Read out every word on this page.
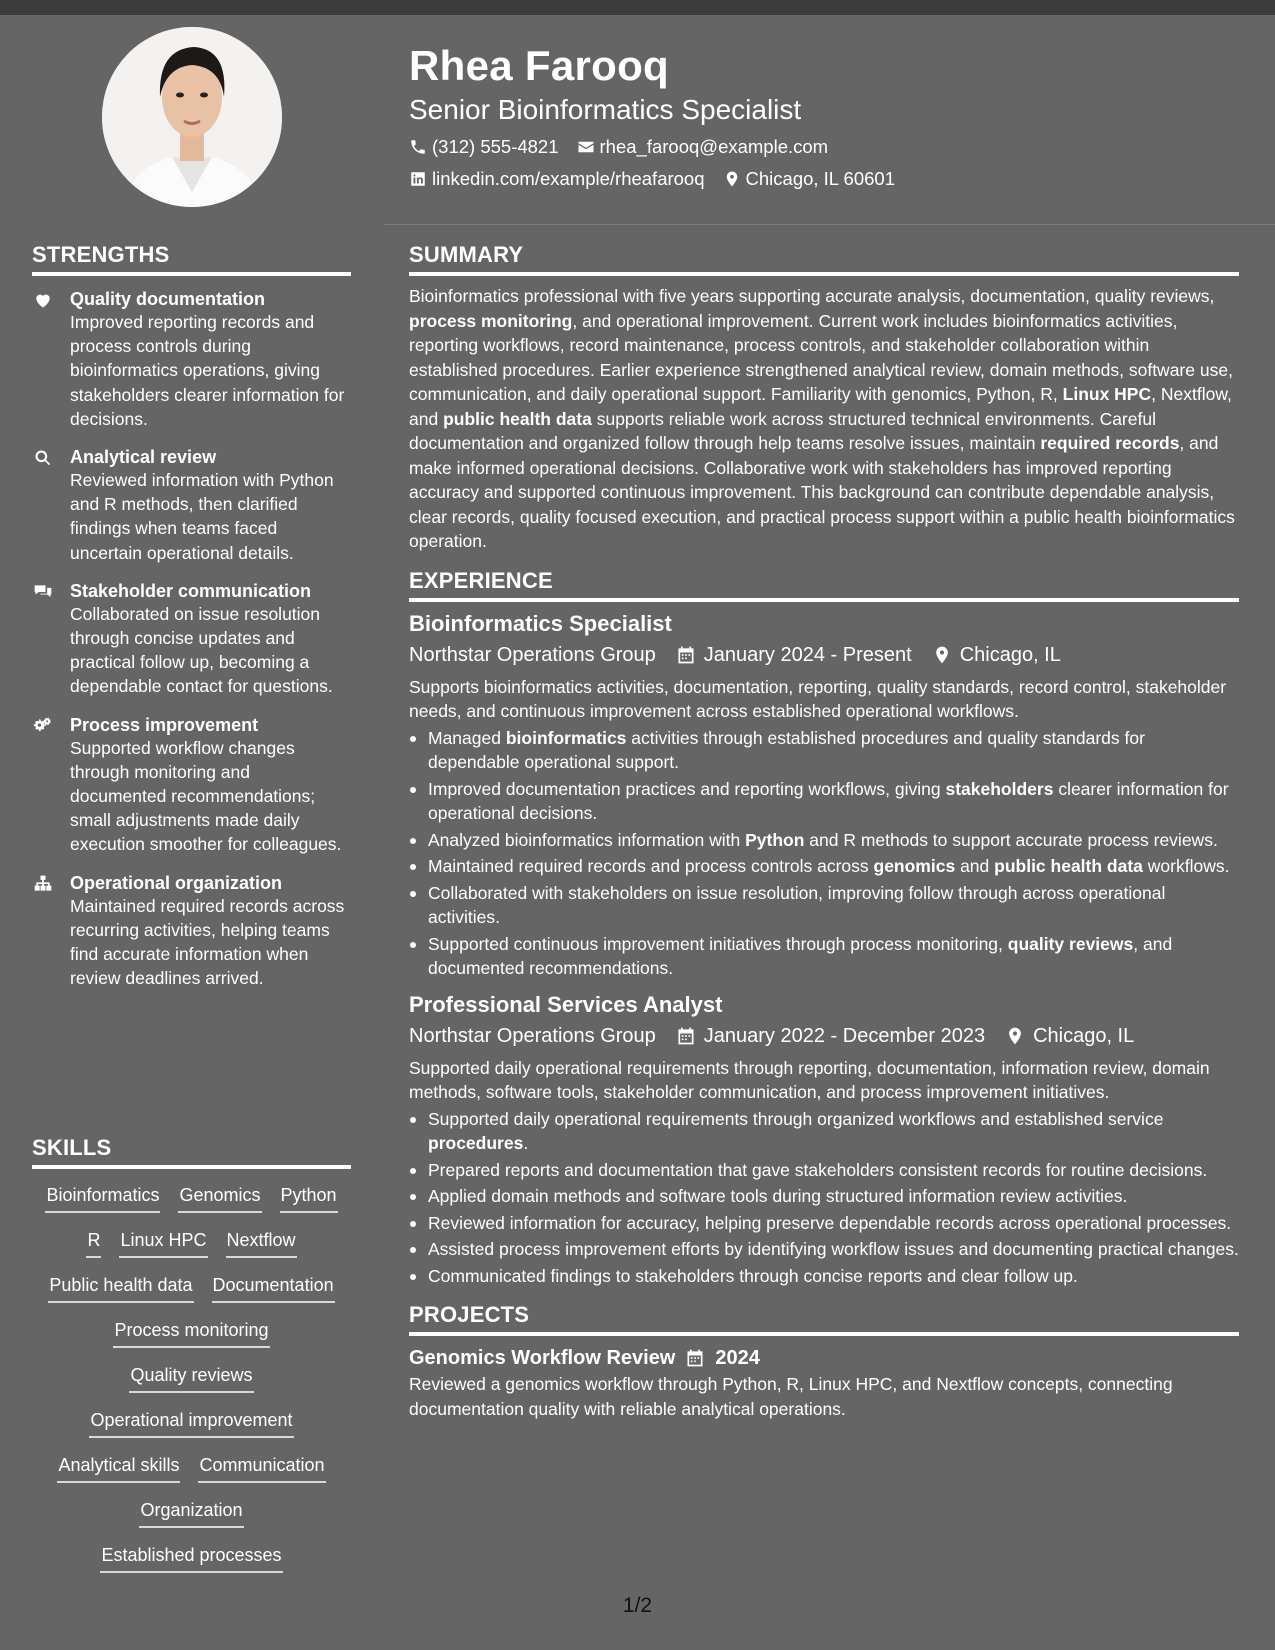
STRENGTHS
Quality documentation
Improved reporting records and process controls during bioinformatics operations, giving stakeholders clearer information for decisions.
Analytical review
Reviewed information with Python and R methods, then clarified findings when teams faced uncertain operational details.
Stakeholder communication
Collaborated on issue resolution through concise updates and practical follow up, becoming a dependable contact for questions.
Process improvement
Supported workflow changes through monitoring and documented recommendations; small adjustments made daily execution smoother for colleagues.
Operational organization
Maintained required records across recurring activities, helping teams find accurate information when review deadlines arrived.
SKILLS
Bioinformatics Genomics Python
R Linux HPC Nextflow
Public health data Documentation
Process monitoring
Quality reviews
Operational improvement
Analytical skills Communication
Organization
Established processes
Rhea Farooq
Senior Bioinformatics Specialist
(312) 555-4821 rhea_farooq@example.com
linkedin.com/example/rheafarooq Chicago, IL 60601
SUMMARY
Bioinformatics professional with five years supporting accurate analysis, documentation, quality reviews, process monitoring, and operational improvement. Current work includes bioinformatics activities, reporting workflows, record maintenance, process controls, and stakeholder collaboration within established procedures. Earlier experience strengthened analytical review, domain methods, software use, communication, and daily operational support. Familiarity with genomics, Python, R, Linux HPC, Nextflow, and public health data supports reliable work across structured technical environments. Careful documentation and organized follow through help teams resolve issues, maintain required records, and make informed operational decisions. Collaborative work with stakeholders has improved reporting accuracy and supported continuous improvement. This background can contribute dependable analysis, clear records, quality focused execution, and practical process support within a public health bioinformatics operation.
EXPERIENCE
Bioinformatics Specialist
Northstar Operations Group January 2024 - Present Chicago, IL
Supports bioinformatics activities, documentation, reporting, quality standards, record control, stakeholder needs, and continuous improvement across established operational workflows.
Managed bioinformatics activities through established procedures and quality standards for dependable operational support.
Improved documentation practices and reporting workflows, giving stakeholders clearer information for operational decisions.
Analyzed bioinformatics information with Python and R methods to support accurate process reviews.
Maintained required records and process controls across genomics and public health data workflows.
Collaborated with stakeholders on issue resolution, improving follow through across operational activities.
Supported continuous improvement initiatives through process monitoring, quality reviews, and documented recommendations.
Professional Services Analyst
Northstar Operations Group January 2022 - December 2023 Chicago, IL
Supported daily operational requirements through reporting, documentation, information review, domain methods, software tools, stakeholder communication, and process improvement initiatives.
Supported daily operational requirements through organized workflows and established service procedures.
Prepared reports and documentation that gave stakeholders consistent records for routine decisions.
Applied domain methods and software tools during structured information review activities.
Reviewed information for accuracy, helping preserve dependable records across operational processes.
Assisted process improvement efforts by identifying workflow issues and documenting practical changes.
Communicated findings to stakeholders through concise reports and clear follow up.
PROJECTS
Genomics Workflow Review 2024
Reviewed a genomics workflow through Python, R, Linux HPC, and Nextflow concepts, connecting documentation quality with reliable analytical operations.
1/2
